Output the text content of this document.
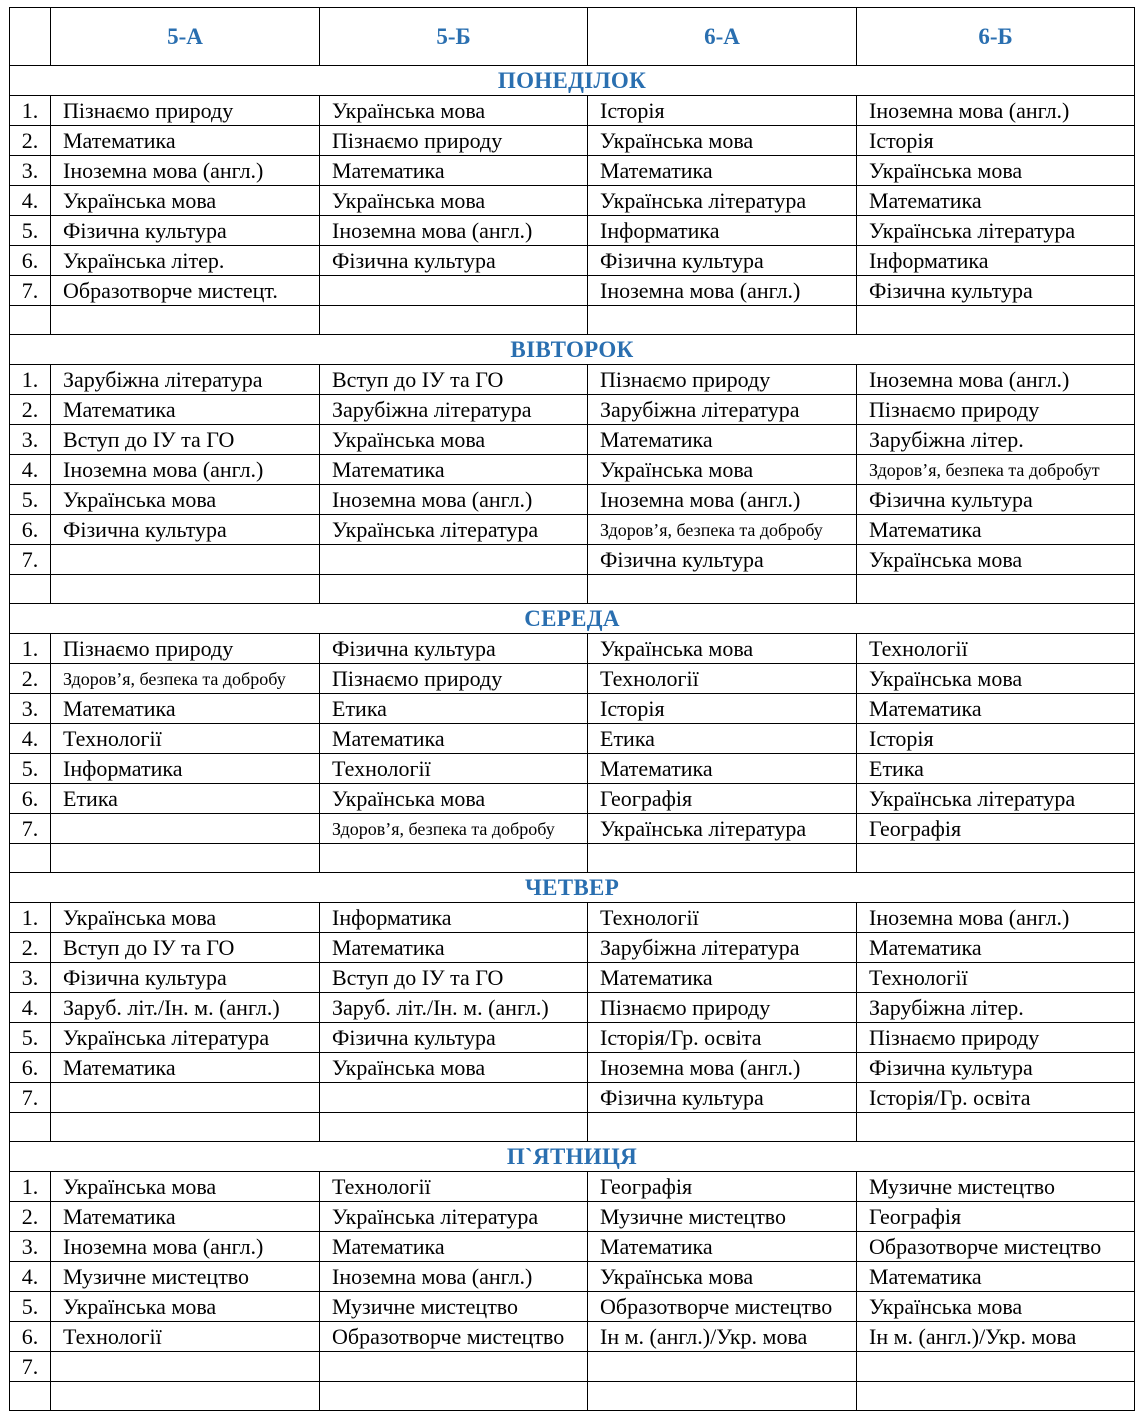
	5-А	5-Б	6-А	6-Б
ПОНЕДІЛОК				
1.	Пізнаємо природу	Українська мова	Історія	Іноземна мова (англ.)
2.	Математика	Пізнаємо природу	Українська мова	Історія
3.	Іноземна мова (англ.)	Математика	Математика	Українська мова
4.	Українська мова	Українська мова	Українська література	Математика
5.	Фізична культура	Іноземна мова (англ.)	Інформатика	Українська література
6.	Українська літер.	Фізична культура	Фізична культура	Інформатика
7.	Образотворче мистецт.		Іноземна мова (англ.)	Фізична культура

ВІВТОРОК				
1.	Зарубіжна література	Вступ до ІУ та ГО	Пізнаємо природу	Іноземна мова (англ.)
2.	Математика	Зарубіжна література	Зарубіжна література	Пізнаємо природу
3.	Вступ до ІУ та ГО	Українська мова	Математика	Зарубіжна літер.
4.	Іноземна мова (англ.)	Математика	Українська мова	Здоров’я, безпека та добробут
5.	Українська мова	Іноземна мова (англ.)	Іноземна мова (англ.)	Фізична культура
6.	Фізична культура	Українська література	Здоров’я, безпека та добробу	Математика
7.			Фізична культура	Українська мова

СЕРЕДА				
1.	Пізнаємо природу	Фізична культура	Українська мова	Технології
2.	Здоров’я, безпека та добробу	Пізнаємо природу	Технології	Українська мова
3.	Математика	Етика	Історія	Математика
4.	Технології	Математика	Етика	Історія
5.	Інформатика	Технології	Математика	Етика
6.	Етика	Українська мова	Географія	Українська література
7.		Здоров’я, безпека та добробу	Українська література	Географія

ЧЕТВЕР				
1.	Українська мова	Інформатика	Технології	Іноземна мова (англ.)
2.	Вступ до ІУ та ГО	Математика	Зарубіжна література	Математика
3.	Фізична культура	Вступ до ІУ та ГО	Математика	Технології
4.	Заруб. літ./Ін. м. (англ.)	Заруб. літ./Ін. м. (англ.)	Пізнаємо природу	Зарубіжна літер.
5.	Українська література	Фізична культура	Історія/Гр. освіта	Пізнаємо природу
6.	Математика	Українська мова	Іноземна мова (англ.)	Фізична культура
7.			Фізична культура	Історія/Гр. освіта

П`ЯТНИЦЯ				
1.	Українська мова	Технології	Географія	Музичне мистецтво
2.	Математика	Українська література	Музичне мистецтво	Географія
3.	Іноземна мова (англ.)	Математика	Математика	Образотворче мистецтво
4.	Музичне мистецтво	Іноземна мова (англ.)	Українська мова	Математика
5.	Українська мова	Музичне мистецтво	Образотворче мистецтво	Українська мова
6.	Технології	Образотворче мистецтво	Ін м. (англ.)/Укр. мова	Ін м. (англ.)/Укр. мова
7.				
